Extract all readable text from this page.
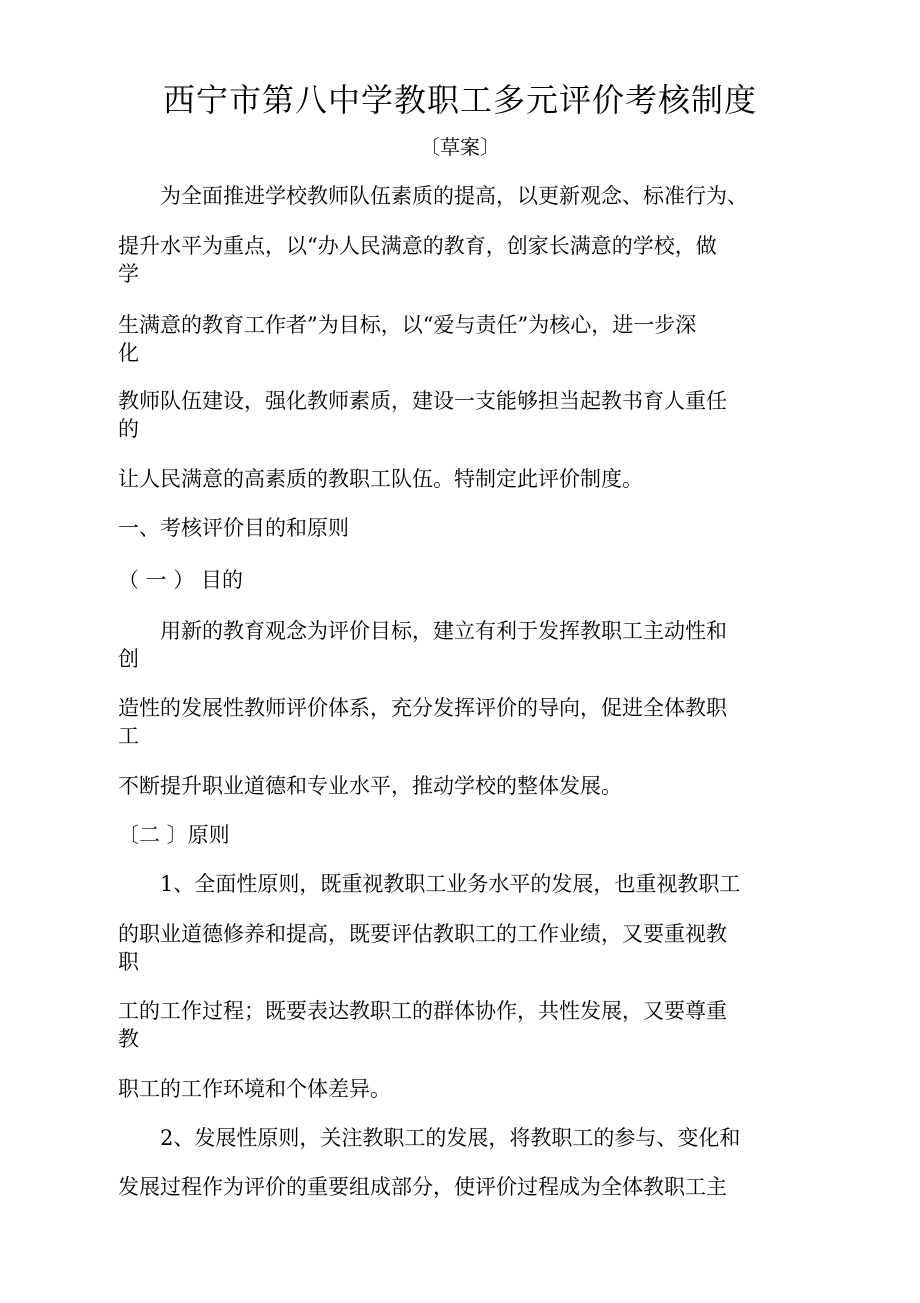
西宁市第八中学教职工多元评价考核制度
〔草案〕
为全面推进学校教师队伍素质的提高，以更新观念、标准行为、
提升水平为重点，以“办人民满意的教育，创家长满意的学校，做
学
生满意的教育工作者”为目标，以“爱与责任”为核心，进一步深
化
教师队伍建设，强化教师素质，建设一支能够担当起教书育人重任
的
让人民满意的高素质的教职工队伍。特制定此评价制度。
一、考核评价目的和原则
（ 一 ） 目的
用新的教育观念为评价目标，建立有利于发挥教职工主动性和
创
造性的发展性教师评价体系，充分发挥评价的导向，促进全体教职
工
不断提升职业道德和专业水平，推动学校的整体发展。
〔二 〕原则
1、全面性原则，既重视教职工业务水平的发展，也重视教职工
的职业道德修养和提高，既要评估教职工的工作业绩，又要重视教
职
工的工作过程；既要表达教职工的群体协作，共性发展，又要尊重
教
职工的工作环境和个体差异。
2、发展性原则，关注教职工的发展，将教职工的参与、变化和
发展过程作为评价的重要组成部分，使评价过程成为全体教职工主
